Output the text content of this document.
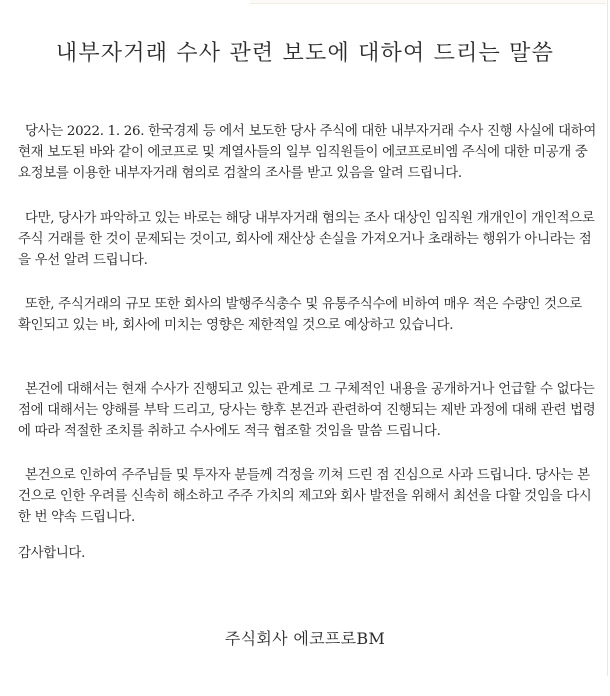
내부자거래 수사 관련 보도에 대하여 드리는 말씀

당사는 2022. 1. 26. 한국경제 등 에서 보도한 당사 주식에 대한 내부자거래 수사 진행 사실에 대하여 현재 보도된 바와 같이 에코프로 및 계열사들의 일부 임직원들이 에코프로비엠 주식에 대한 미공개 중요정보를 이용한 내부자거래 혐의로 검찰의 조사를 받고 있음을 알려 드립니다.

다만, 당사가 파악하고 있는 바로는 해당 내부자거래 혐의는 조사 대상인 임직원 개개인이 개인적으로 주식 거래를 한 것이 문제되는 것이고, 회사에 재산상 손실을 가져오거나 초래하는 행위가 아니라는 점을 우선 알려 드립니다.

또한, 주식거래의 규모 또한 회사의 발행주식총수 및 유통주식수에 비하여 매우 적은 수량인 것으로 확인되고 있는 바, 회사에 미치는 영향은 제한적일 것으로 예상하고 있습니다.

본건에 대해서는 현재 수사가 진행되고 있는 관계로 그 구체적인 내용을 공개하거나 언급할 수 없다는 점에 대해서는 양해를 부탁 드리고, 당사는 향후 본건과 관련하여 진행되는 제반 과정에 대해 관련 법령에 따라 적절한 조치를 취하고 수사에도 적극 협조할 것임을 말씀 드립니다.

본건으로 인하여 주주님들 및 투자자 분들께 걱정을 끼쳐 드린 점 진심으로 사과 드립니다. 당사는 본건으로 인한 우려를 신속히 해소하고 주주 가치의 제고와 회사 발전을 위해서 최선을 다할 것임을 다시 한 번 약속 드립니다.

감사합니다.

주식회사 에코프로BM
